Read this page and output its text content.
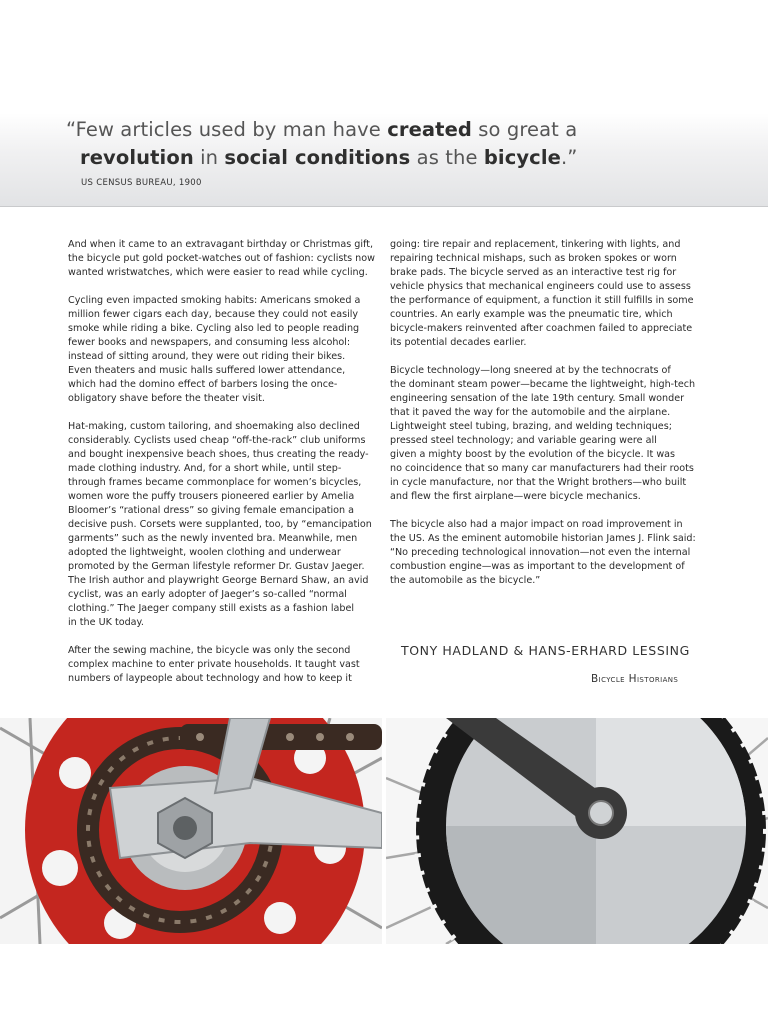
“Few articles used by man have created so great a
revolution in social conditions as the bicycle.”
US CENSUS BUREAU, 1900
And when it came to an extravagant birthday or Christmas gift,
the bicycle put gold pocket-watches out of fashion: cyclists now
wanted wristwatches, which were easier to read while cycling.
Cycling even impacted smoking habits: Americans smoked a
million fewer cigars each day, because they could not easily
smoke while riding a bike. Cycling also led to people reading
fewer books and newspapers, and consuming less alcohol:
instead of sitting around, they were out riding their bikes.
Even theaters and music halls suffered lower attendance,
which had the domino effect of barbers losing the once-
obligatory shave before the theater visit.
Hat-making, custom tailoring, and shoemaking also declined
considerably. Cyclists used cheap “off-the-rack” club uniforms
and bought inexpensive beach shoes, thus creating the ready-
made clothing industry. And, for a short while, until step-
through frames became commonplace for women’s bicycles,
women wore the puffy trousers pioneered earlier by Amelia
Bloomer’s “rational dress” so giving female emancipation a
decisive push. Corsets were supplanted, too, by “emancipation
garments” such as the newly invented bra. Meanwhile, men
adopted the lightweight, woolen clothing and underwear
promoted by the German lifestyle reformer Dr. Gustav Jaeger.
The Irish author and playwright George Bernard Shaw, an avid
cyclist, was an early adopter of Jaeger’s so-called “normal
clothing.” The Jaeger company still exists as a fashion label
in the UK today.
After the sewing machine, the bicycle was only the second
complex machine to enter private households. It taught vast
numbers of laypeople about technology and how to keep it
going: tire repair and replacement, tinkering with lights, and
repairing technical mishaps, such as broken spokes or worn
brake pads. The bicycle served as an interactive test rig for
vehicle physics that mechanical engineers could use to assess
the performance of equipment, a function it still fulfills in some
countries. An early example was the pneumatic tire, which
bicycle-makers reinvented after coachmen failed to appreciate
its potential decades earlier.
Bicycle technology—long sneered at by the technocrats of
the dominant steam power—became the lightweight, high-tech
engineering sensation of the late 19th century. Small wonder
that it paved the way for the automobile and the airplane.
Lightweight steel tubing, brazing, and welding techniques;
pressed steel technology; and variable gearing were all
given a mighty boost by the evolution of the bicycle. It was
no coincidence that so many car manufacturers had their roots
in cycle manufacture, nor that the Wright brothers—who built
and flew the first airplane—were bicycle mechanics.
The bicycle also had a major impact on road improvement in
the US. As the eminent automobile historian James J. Flink said:
“No preceding technological innovation—not even the internal
combustion engine—was as important to the development of
the automobile as the bicycle.”
TONY HADLAND & HANS-ERHARD LESSING
Bicycle Historians
